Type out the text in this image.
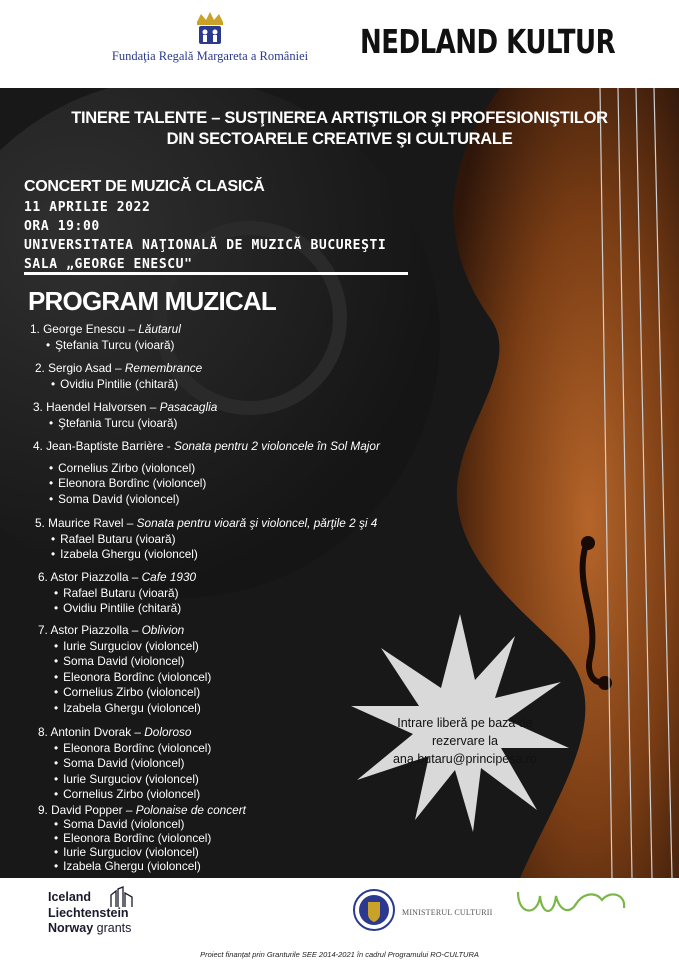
Fundaţia Regală Margareta a României	NEDLAND KULTUR
TINERE TALENTE – SUSŢINEREA ARTIŞTILOR ŞI PROFESIONIŞTILOR
DIN SECTOARELE CREATIVE ŞI CULTURALE
CONCERT DE MUZICĂ CLASICĂ
11 APRILIE 2022
ORA 19:00
UNIVERSITATEA NAŢIONALĂ DE MUZICĂ BUCUREŞTI
SALA „GEORGE ENESCU"
PROGRAM MUZICAL
1. George Enescu – Lăutarul
• Ştefania Turcu (vioară)
2. Sergio Asad – Remembrance
• Ovidiu Pintilie (chitară)
3. Haendel Halvorsen – Pasacaglia
• Ştefania Turcu (vioară)
4. Jean-Baptiste Barrière - Sonata pentru 2 violoncele în Sol Major
• Cornelius Zirbo (violoncel)
• Eleonora Bordînc (violoncel)
• Soma David (violoncel)
5. Maurice Ravel – Sonata pentru vioară şi violoncel, părţile 2 şi 4
• Rafael Butaru (vioară)
• Izabela Ghergu (violoncel)
6. Astor Piazzolla – Cafe 1930
• Rafael Butaru (vioară)
• Ovidiu Pintilie (chitară)
7. Astor Piazzolla – Oblivion
• Iurie Surguciov (violoncel)
• Soma David (violoncel)
• Eleonora Bordînc (violoncel)
• Cornelius Zirbo (violoncel)
• Izabela Ghergu (violoncel)
8. Antonin Dvorak – Doloroso
• Eleonora Bordînc (violoncel)
• Soma David (violoncel)
• Iurie Surguciov (violoncel)
• Cornelius Zirbo (violoncel)
9. David Popper – Polonaise de concert
• Soma David (violoncel)
• Eleonora Bordînc (violoncel)
• Iurie Surguciov (violoncel)
• Izabela Ghergu (violoncel)
Intrare liberă pe bază de
rezervare la
ana.butaru@principesa.ro
Iceland
Liechtenstein
Norway grants
MINISTERUL CULTURII
Proiect finanţat prin Granturile SEE 2014-2021 în cadrul Programului RO-CULTURA
